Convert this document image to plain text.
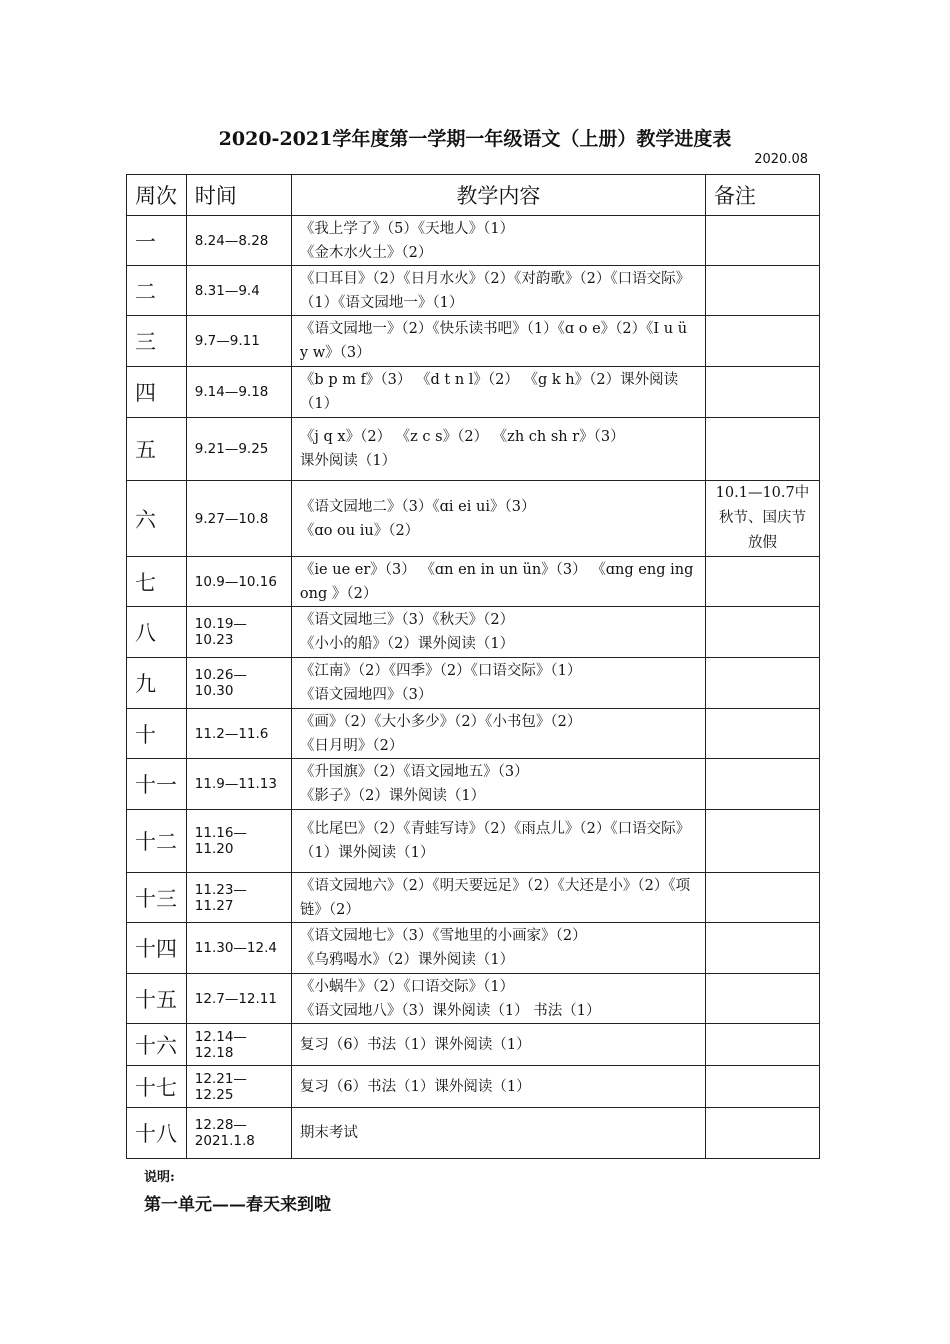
2020-2021学年度第一学期一年级语文（上册）教学进度表
2020.08
周次	时间	教学内容	备注
一	8.24—8.28	《我上学了》（5）《天地人》（1）
《金木水火土》（2）	
二	8.31—9.4	《口耳目》（2）《日月水火》（2）《对韵歌》（2）《口语交际》（1）《语文园地一》（1）	
三	9.7—9.11	《语文园地一》（2）《快乐读书吧》（1）《ɑ o e》（2）《I u ü y w》（3）	
四	9.14—9.18	《b p m f》（3） 《d t n l》（2） 《g k h》（2）课外阅读（1）	
五	9.21—9.25	《j q x》（2） 《z c s》（2） 《zh ch sh r》（3）
课外阅读（1）	
六	9.27—10.8	《语文园地二》（3）《ɑi ei ui》（3）
《ɑo ou iu》（2）	10.1—10.7中秋节、国庆节放假
七	10.9—10.16	《ie ue er》（3） 《ɑn en in un ün》（3） 《ɑng eng ing ong 》（2）	
八	10.19—10.23	《语文园地三》（3）《秋天》（2）
《小小的船》（2）课外阅读（1）	
九	10.26—10.30	《江南》（2）《四季》（2）《口语交际》（1）
《语文园地四》（3）	
十	11.2—11.6	《画》（2）《大小多少》（2）《小书包》（2）
《日月明》（2）	
十一	11.9—11.13	《升国旗》（2）《语文园地五》（3）
《影子》（2）课外阅读（1）	
十二	11.16—11.20	《比尾巴》（2）《青蛙写诗》（2）《雨点儿》（2）《口语交际》（1）课外阅读（1）	
十三	11.23—11.27	《语文园地六》（2）《明天要远足》（2）《大还是小》（2）《项链》（2）	
十四	11.30—12.4	《语文园地七》（3）《雪地里的小画家》（2）
《乌鸦喝水》（2）课外阅读（1）	
十五	12.7—12.11	《小蜗牛》（2）《口语交际》（1）
《语文园地八》（3）课外阅读（1） 书法（1）	
十六	12.14—12.18	复习（6）书法（1）课外阅读（1）	
十七	12.21—12.25	复习（6）书法（1）课外阅读（1）	
十八	12.28—2021.1.8	期末考试	
说明:
第一单元——春天来到啦
